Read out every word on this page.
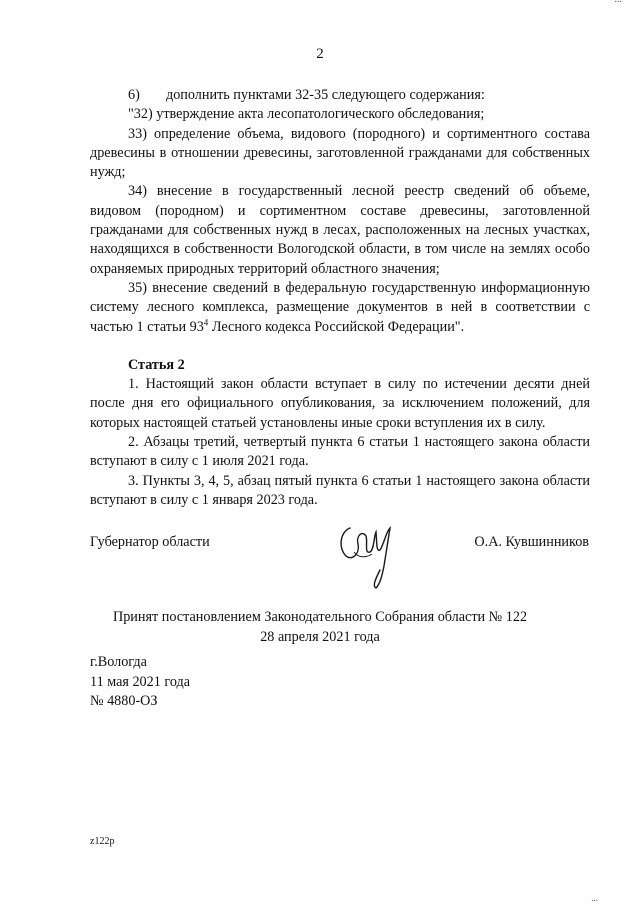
2

6) дополнить пунктами 32-35 следующего содержания:

"32) утверждение акта лесопатологического обследования;

33) определение объема, видового (породного) и сортиментного состава древесины в отношении древесины, заготовленной гражданами для собственных нужд;

34) внесение в государственный лесной реестр сведений об объеме, видовом (породном) и сортиментном составе древесины, заготовленной гражданами для собственных нужд в лесах, расположенных на лесных участках, находящихся в собственности Вологодской области, в том числе на землях особо охраняемых природных территорий областного значения;

35) внесение сведений в федеральную государственную информационную систему лесного комплекса, размещение документов в ней в соответствии с частью 1 статьи $93^4$ Лесного кодекса Российской Федерации".

Статья 2

1. Настоящий закон области вступает в силу по истечении десяти дней после дня его официального опубликования, за исключением положений, для которых настоящей статьей установлены иные сроки вступления их в силу.

2. Абзацы третий, четвертый пункта 6 статьи 1 настоящего закона области вступают в силу с 1 июля 2021 года.

3. Пункты 3, 4, 5, абзац пятый пункта 6 статьи 1 настоящего закона области вступают в силу с 1 января 2023 года.

Губернатор области	О.А. Кувшинников
Принят постановлением Законодательного Собрания области № 122
28 апреля 2021 года
г.Вологда
11 мая 2021 года
№ 4880-ОЗ
z122p
...
